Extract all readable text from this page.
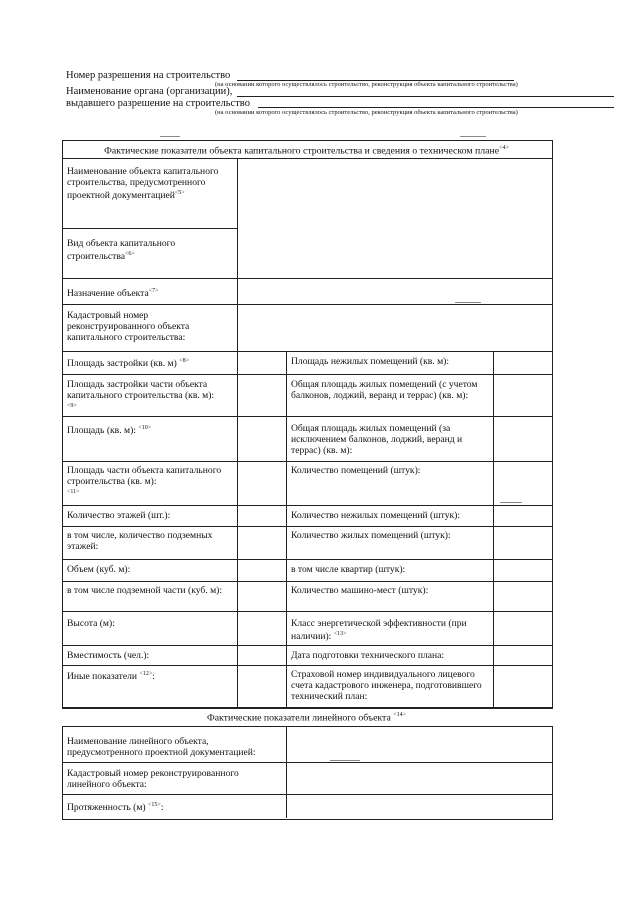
Номер разрешения на строительство
(на основании которого осуществлялось строительство, реконструкция объекта капитального строительства)
Наименование органа (организации),
выдавшего разрешение на строительство
(на основании которого осуществлялось строительство, реконструкция объекта капитального строительства)
Фактические показатели объекта капитального строительства и сведения о техническом плане$^{<4>}$
Наименование объекта капитального строительства, предусмотренного проектной документацией$^{<5>}$
Вид объекта капитального строительства$^{<6>}$
Назначение объекта$^{<7>}$
Кадастровый номер реконструированного объекта капитального строительства:
Площадь застройки (кв. м) $^{<8>}$
Площадь застройки части объекта капитального строительства (кв. м):
$^{<9>}$
Площадь (кв. м): $^{<10>}$
Площадь части объекта капитального строительства (кв. м):
$^{<11>}$
Количество этажей (шт.):
в том числе, количество подземных этажей:
Объем (куб. м):
в том числе подземной части (куб. м):
Высота (м):
Вместимость (чел.):
Иные показатели $^{<12>}$:
Площадь нежилых помещений (кв. м):
Общая площадь жилых помещений (с учетом балконов, лоджий, веранд и террас) (кв. м):
Общая площадь жилых помещений (за исключением балконов, лоджий, веранд и террас) (кв. м):
Количество помещений (штук):
Количество нежилых помещений (штук):
Количество жилых помещений (штук):
в том числе квартир (штук):
Количество машино-мест (штук):
Класс энергетической эффективности (при наличии): $^{<13>}$
Дата подготовки технического плана:
Страховой номер индивидуального лицевого счета кадастрового инженера, подготовившего технический план:
Фактические показатели линейного объекта $^{<14>}$
Наименование линейного объекта, предусмотренного проектной документацией:
Кадастровый номер реконструированного линейного объекта:
Протяженность (м) $^{<15>}$:
